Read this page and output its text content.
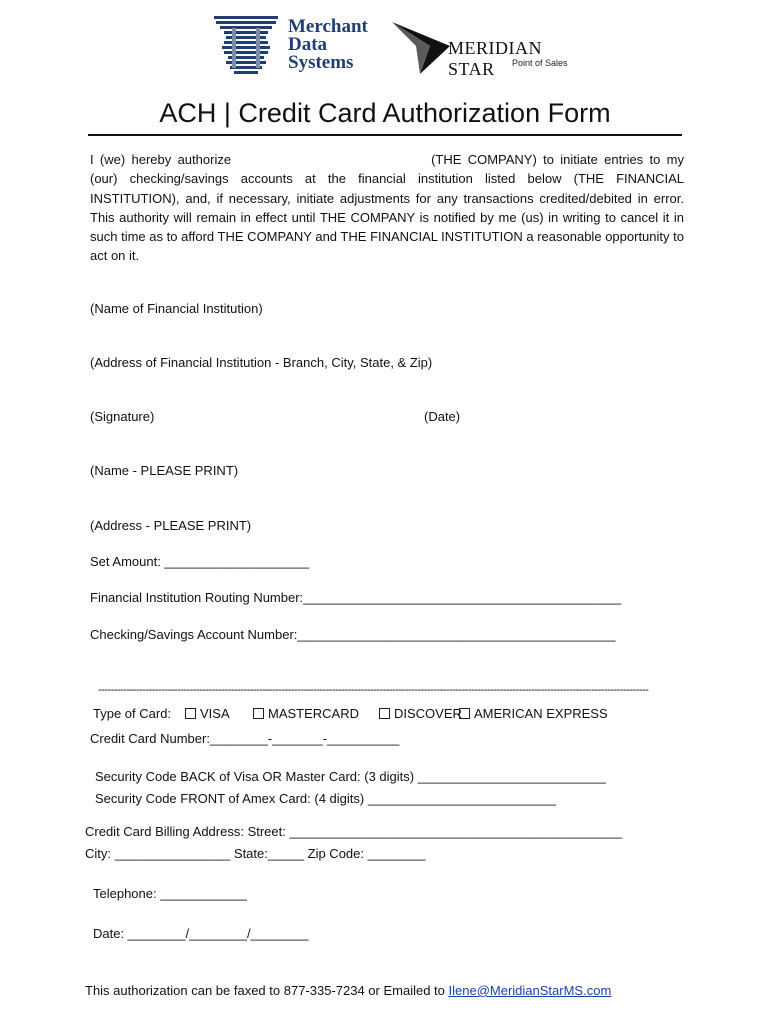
Merchant
Data
Systems
MERIDIAN STAR	Point of Sales
ACH | Credit Card Authorization Form
I (we) hereby authorize	(THE COMPANY) to initiate entries to my (our) checking/savings accounts at the financial institution listed below (THE FINANCIAL INSTITUTION), and, if necessary, initiate adjustments for any transactions credited/debited in error. This authority will remain in effect until THE COMPANY is notified by me (us) in writing to cancel it in such time as to afford THE COMPANY and THE FINANCIAL INSTITUTION a reasonable opportunity to act on it.
(Name of Financial Institution)
(Address of Financial Institution - Branch, City, State, & Zip)
(Signature)	(Date)
(Name - PLEASE PRINT)
(Address - PLEASE PRINT)
Set Amount: ____________________
Financial Institution Routing Number:____________________________________________
Checking/Savings Account Number:____________________________________________
------------------------------------------------------------------------------------------------------------------------------------------------------------------------------
Type of Card:	VISA	MASTERCARD	DISCOVER AMERICAN EXPRESS
Credit Card Number:________-_______-__________
Security Code BACK of Visa OR Master Card: (3 digits) __________________________
Security Code FRONT of Amex Card: (4 digits) __________________________
Credit Card Billing Address: Street: ______________________________________________
City: ________________ State:_____ Zip Code: ________
Telephone: ____________
Date: ________/________/________
This authorization can be faxed to 877-335-7234 or Emailed to Ilene@MeridianStarMS.com
